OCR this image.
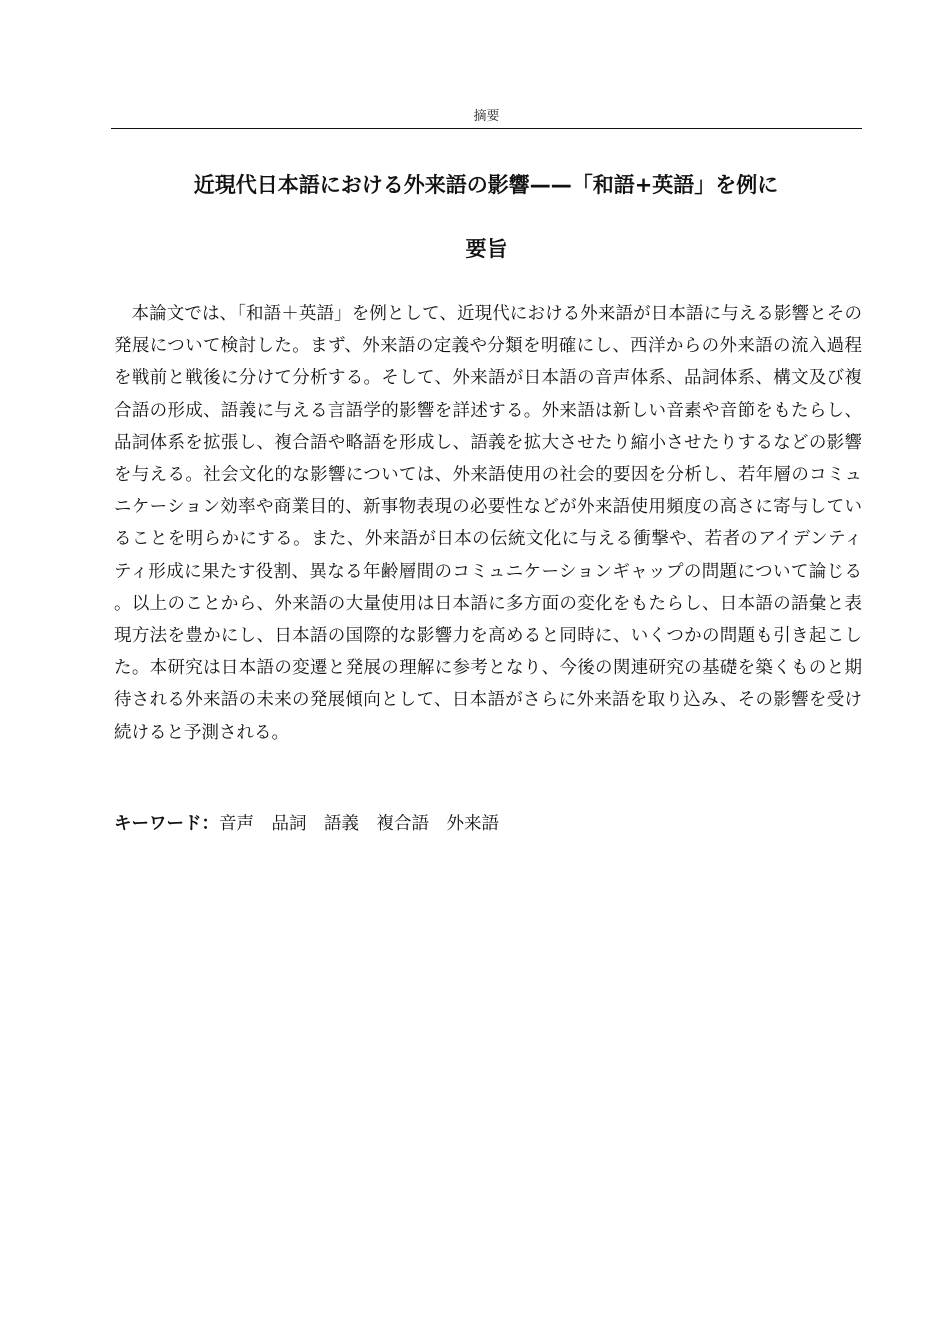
摘要
近現代日本語における外来語の影響——「和語+英語」を例に
要旨

本論文では、「和語＋英語」を例として、近現代における外来語が日本語に与える影響とその発展について検討した。まず、外来語の定義や分類を明確にし、西洋からの外来語の流入過程を戦前と戦後に分けて分析する。そして、外来語が日本語の音声体系、品詞体系、構文及び複合語の形成、語義に与える言語学的影響を詳述する。外来語は新しい音素や音節をもたらし、品詞体系を拡張し、複合語や略語を形成し、語義を拡大させたり縮小させたりするなどの影響を与える。社会文化的な影響については、外来語使用の社会的要因を分析し、若年層のコミュニケーション効率や商業目的、新事物表現の必要性などが外来語使用頻度の高さに寄与していることを明らかにする。また、外来語が日本の伝統文化に与える衝撃や、若者のアイデンティティ形成に果たす役割、異なる年齢層間のコミュニケーションギャップの問題について論じる。以上のことから、外来語の大量使用は日本語に多方面の変化をもたらし、日本語の語彙と表現方法を豊かにし、日本語の国際的な影響力を高めると同時に、いくつかの問題も引き起こした。本研究は日本語の変遷と発展の理解に参考となり、今後の関連研究の基礎を築くものと期待される外来語の未来の発展傾向として、日本語がさらに外来語を取り込み、その影響を受け続けると予測される。

キーワード：音声 品詞 語義 複合語 外来語
